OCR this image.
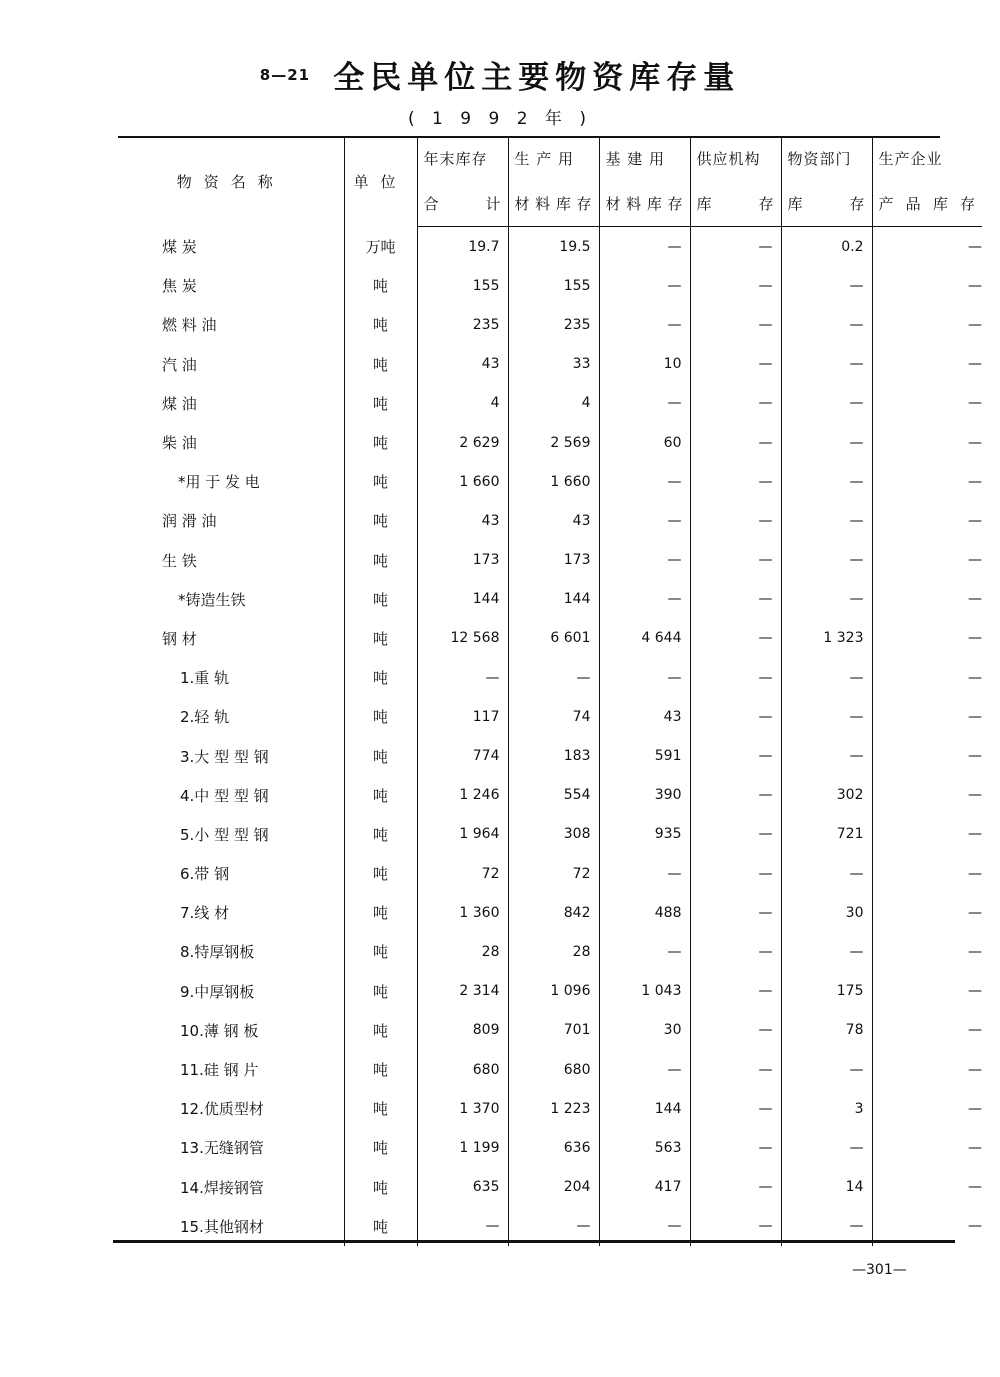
8—21 全民单位主要物资库存量
( 1 9 9 2 年 )
物资名称	单位	年末库存	生 产 用	基 建 用	供应机构	物资部门	生产企业
		合 计	材料库存	材料库存	库 存	库 存	产品库存
煤 炭	万吨	19.7	19.5	—	—	0.2	—
焦 炭	吨	155	155	—	—	—	—
燃 料 油	吨	235	235	—	—	—	—
汽 油	吨	43	33	10	—	—	—
煤 油	吨	4	4	—	—	—	—
柴 油	吨	2 629	2 569	60	—	—	—
*用 于 发 电	吨	1 660	1 660	—	—	—	—
润 滑 油	吨	43	43	—	—	—	—
生 铁	吨	173	173	—	—	—	—
*铸造生铁	吨	144	144	—	—	—	—
钢 材	吨	12 568	6 601	4 644	—	1 323	—
1.重 轨	吨	—	—	—	—	—	—
2.轻 轨	吨	117	74	43	—	—	—
3.大 型 型 钢	吨	774	183	591	—	—	—
4.中 型 型 钢	吨	1 246	554	390	—	302	—
5.小 型 型 钢	吨	1 964	308	935	—	721	—
6.带 钢	吨	72	72	—	—	—	—
7.线 材	吨	1 360	842	488	—	30	—
8.特厚钢板	吨	28	28	—	—	—	—
9.中厚钢板	吨	2 314	1 096	1 043	—	175	—
10.薄 钢 板	吨	809	701	30	—	78	—
11.硅 钢 片	吨	680	680	—	—	—	—
12.优质型材	吨	1 370	1 223	144	—	3	—
13.无缝钢管	吨	1 199	636	563	—	—	—
14.焊接钢管	吨	635	204	417	—	14	—
15.其他钢材	吨	—	—	—	—	—	—
—301—
